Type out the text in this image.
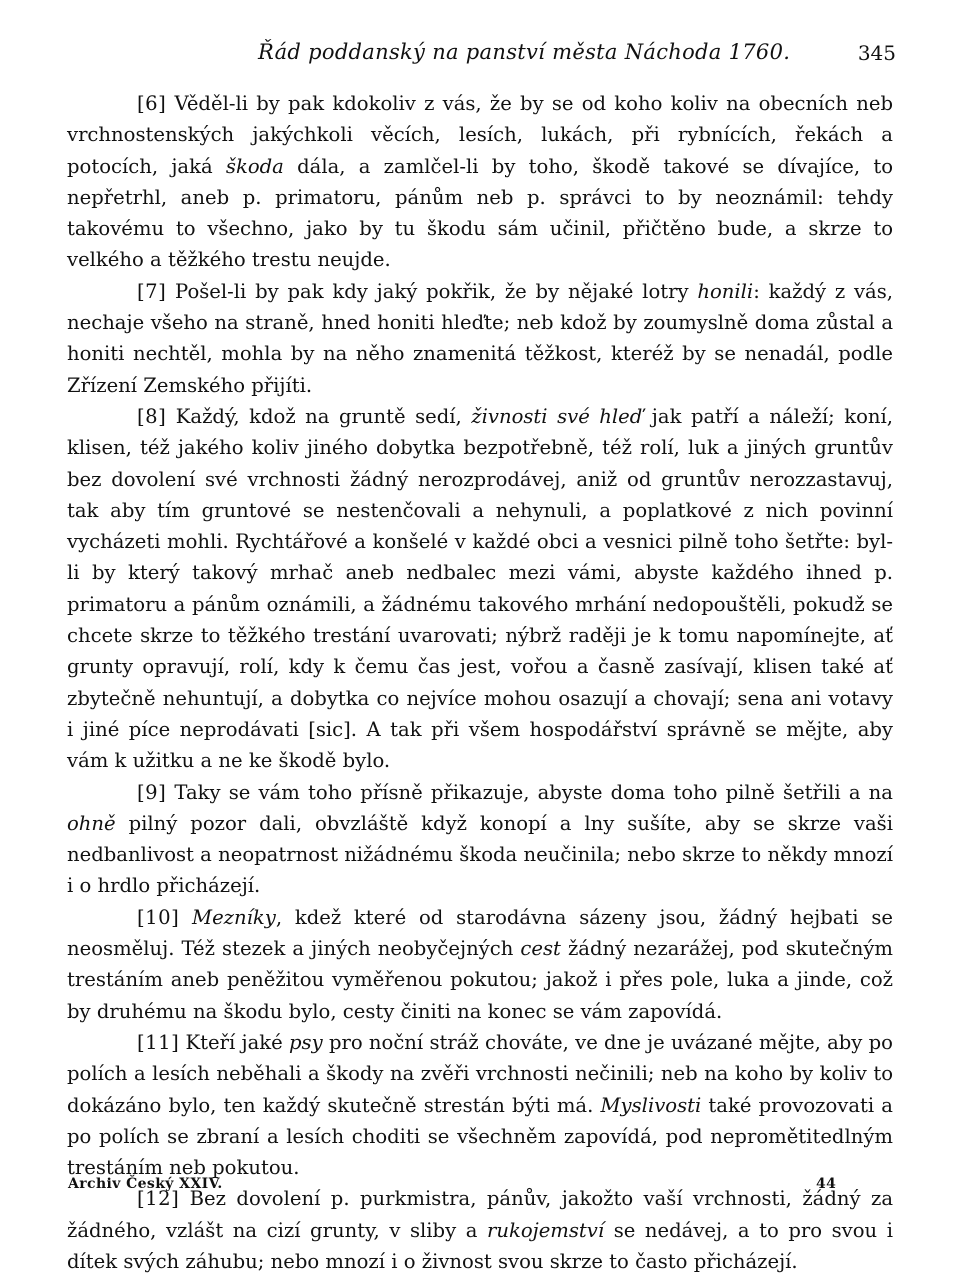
Řád poddanský na panství města Náchoda 1760.	345

[6] Věděl-li by pak kdokoliv z vás, že by se od koho koliv na obecních neb vrchnostenských jakýchkoli věcích, lesích, lukách, při rybnících, řekách a potocích, jaká škoda dála, a zamlčel-li by toho, škodě takové se dívajíce, to nepřetrhl, aneb p. primatoru, pánům neb p. správci to by neoznámil: tehdy takovému to všechno, jako by tu škodu sám učinil, přičtěno bude, a skrze to velkého a těžkého trestu neujde.

[7] Pošel-li by pak kdy jaký pokřik, že by nějaké lotry honili: každý z vás, nechaje všeho na straně, hned honiti hleďte; neb kdož by zoumyslně doma zůstal a honiti nechtěl, mohla by na něho znamenitá těžkost, kteréž by se nenadál, podle Zřízení Zemského přijíti.

[8] Každý, kdož na gruntě sedí, živnosti své hleď jak patří a náleží; koní, klisen, též jakého koliv jiného dobytka bezpotřebně, též rolí, luk a jiných gruntův bez dovolení své vrchnosti žádný nerozprodávej, aniž od gruntův nerozzastavuj, tak aby tím gruntové se nestenčovali a nehynuli, a poplatkové z nich povinní vycházeti mohli. Rychtářové a konšelé v každé obci a vesnici pilně toho šetřte: byl-li by který takový mrhač aneb nedbalec mezi vámi, abyste každého ihned p. primatoru a pánům oznámili, a žádnému takového mrhání nedopouštěli, pokudž se chcete skrze to těžkého trestání uvarovati; nýbrž raději je k tomu napomínejte, ať grunty opravují, rolí, kdy k čemu čas jest, vořou a časně zasívají, klisen také ať zbytečně nehuntují, a dobytka co nejvíce mohou osazují a chovají; sena ani votavy i jiné píce neprodávati [sic]. A tak při všem hospodářství správně se mějte, aby vám k užitku a ne ke škodě bylo.

[9] Taky se vám toho přísně přikazuje, abyste doma toho pilně šetřili a na ohně pilný pozor dali, obvzláště když konopí a lny sušíte, aby se skrze vaši nedbanlivost a neopatrnost nižádnému škoda neučinila; nebo skrze to někdy mnozí i o hrdlo přicházejí.

[10] Mezníky, kdež které od starodávna sázeny jsou, žádný hejbati se neosměluj. Též stezek a jiných neobyčejných cest žádný nezarážej, pod skutečným trestáním aneb peněžitou vyměřenou pokutou; jakož i přes pole, luka a jinde, což by druhému na škodu bylo, cesty činiti na konec se vám zapovídá.

[11] Kteří jaké psy pro noční stráž chováte, ve dne je uvázané mějte, aby po polích a lesích neběhali a škody na zvěři vrchnosti nečinili; neb na koho by koliv to dokázáno bylo, ten každý skutečně strestán býti má. Myslivosti také provozovati a po polích se zbraní a lesích choditi se všechněm zapovídá, pod nepromětitedlným trestáním neb pokutou.

[12] Bez dovolení p. purkmistra, pánův, jakožto vaší vrchnosti, žádný za žádného, vzlášt na cizí grunty, v sliby a rukojemství se nedávej, a to pro svou i dítek svých záhubu; nebo mnozí i o živnost svou skrze to často přicházejí.

Archiv Český XXIV.	44
